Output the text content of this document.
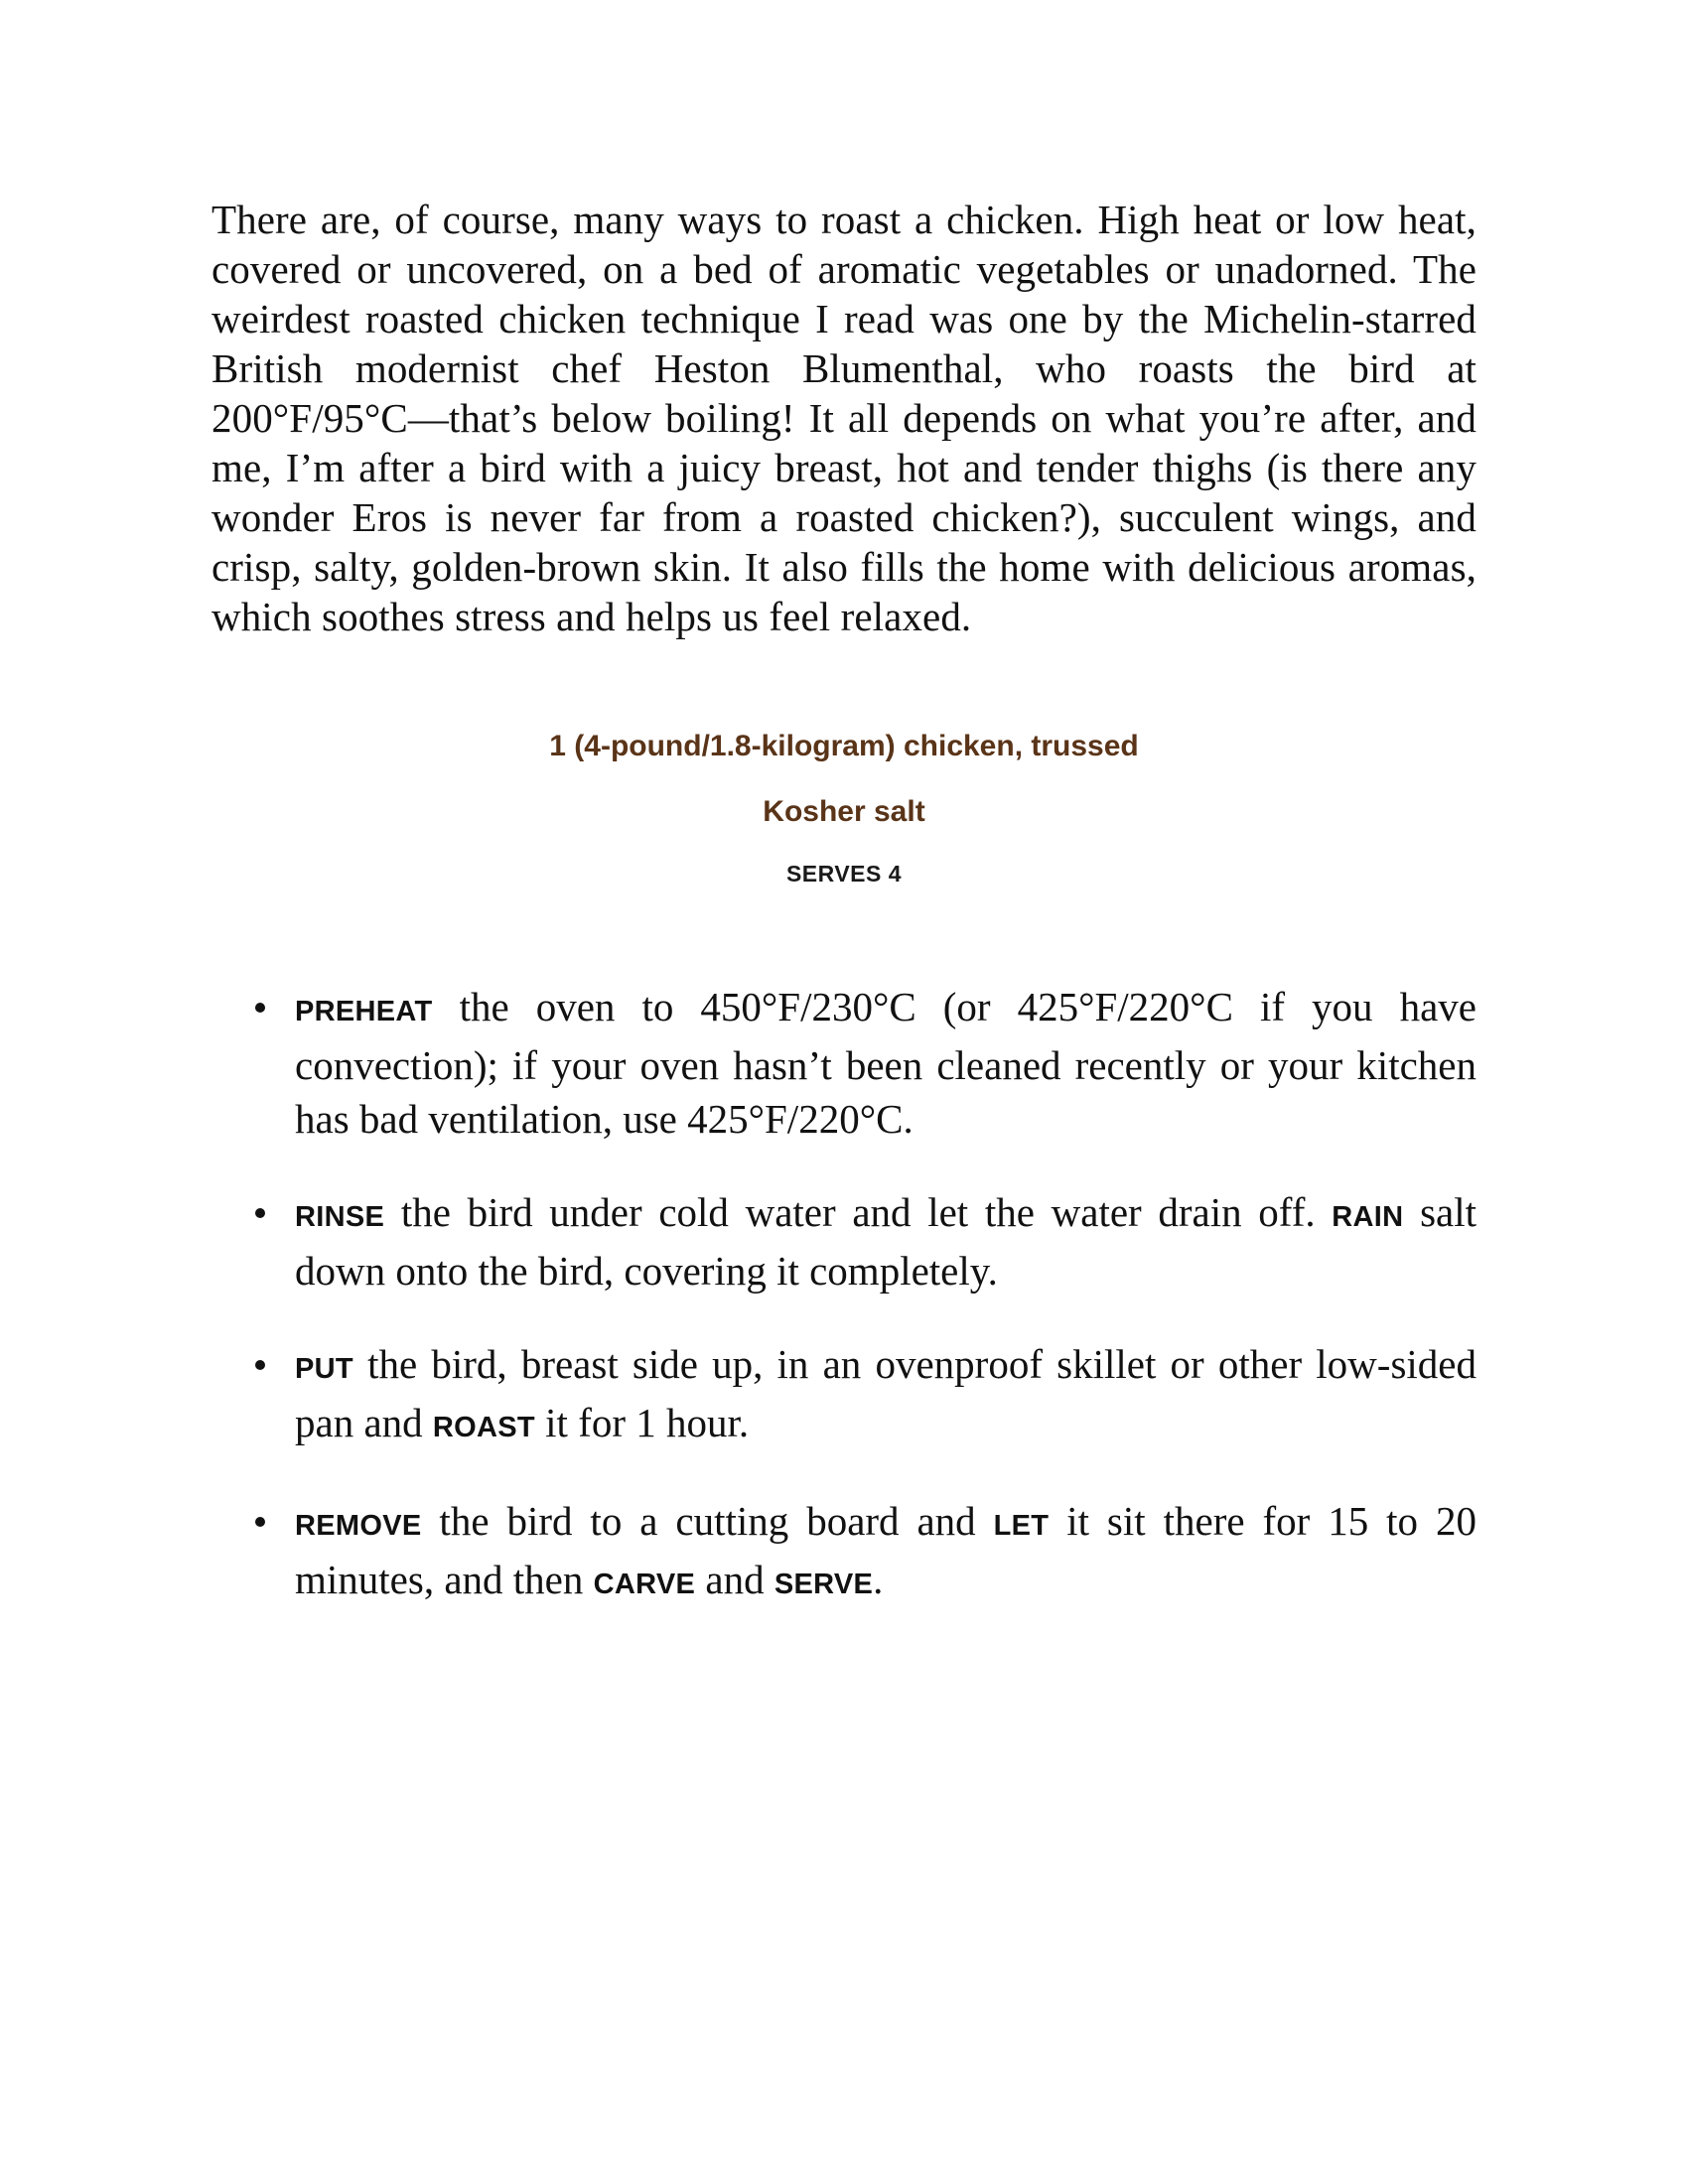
There are, of course, many ways to roast a chicken. High heat or low heat, covered or uncovered, on a bed of aromatic vegetables or unadorned. The weirdest roasted chicken technique I read was one by the Michelin-starred British modernist chef Heston Blumenthal, who roasts the bird at 200°F/95°C—that’s below boiling! It all depends on what you’re after, and me, I’m after a bird with a juicy breast, hot and tender thighs (is there any wonder Eros is never far from a roasted chicken?), succulent wings, and crisp, salty, golden-brown skin. It also fills the home with delicious aromas, which soothes stress and helps us feel relaxed.

1 (4-pound/1.8-kilogram) chicken, trussed

Kosher salt

SERVES 4

PREHEAT the oven to 450°F/230°C (or 425°F/220°C if you have convection); if your oven hasn’t been cleaned recently or your kitchen has bad ventilation, use 425°F/220°C.
RINSE the bird under cold water and let the water drain off. RAIN salt down onto the bird, covering it completely.
PUT the bird, breast side up, in an ovenproof skillet or other low-sided pan and ROAST it for 1 hour.
REMOVE the bird to a cutting board and LET it sit there for 15 to 20 minutes, and then CARVE and SERVE.
